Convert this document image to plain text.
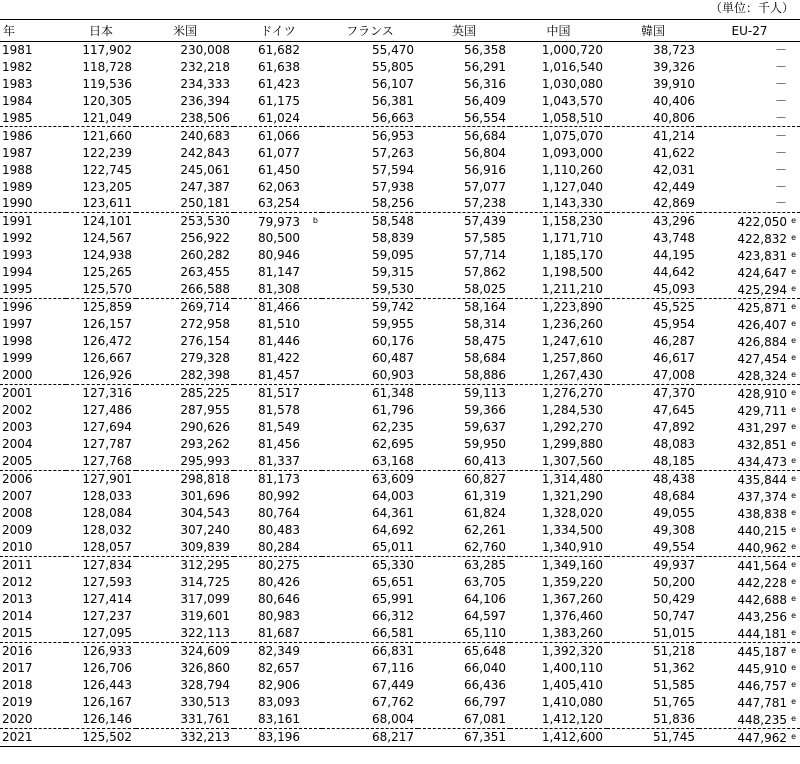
（単位：千人）
年	日本	米国	ドイツ	フランス	英国	中国	韓国	EU-27
1981	117,902	230,008	61,682	55,470	56,358	1,000,720	38,723	－
1982	118,728	232,218	61,638	55,805	56,291	1,016,540	39,326	－
1983	119,536	234,333	61,423	56,107	56,316	1,030,080	39,910	－
1984	120,305	236,394	61,175	56,381	56,409	1,043,570	40,406	－
1985	121,049	238,506	61,024	56,663	56,554	1,058,510	40,806	－
1986	121,660	240,683	61,066	56,953	56,684	1,075,070	41,214	－
1987	122,239	242,843	61,077	57,263	56,804	1,093,000	41,622	－
1988	122,745	245,061	61,450	57,594	56,916	1,110,260	42,031	－
1989	123,205	247,387	62,063	57,938	57,077	1,127,040	42,449	－
1990	123,611	250,181	63,254	58,256	57,238	1,143,330	42,869	－
1991	124,101	253,530	79,973 b	58,548	57,439	1,158,230	43,296	422,050 e
1992	124,567	256,922	80,500	58,839	57,585	1,171,710	43,748	422,832 e
1993	124,938	260,282	80,946	59,095	57,714	1,185,170	44,195	423,831 e
1994	125,265	263,455	81,147	59,315	57,862	1,198,500	44,642	424,647 e
1995	125,570	266,588	81,308	59,530	58,025	1,211,210	45,093	425,294 e
1996	125,859	269,714	81,466	59,742	58,164	1,223,890	45,525	425,871 e
1997	126,157	272,958	81,510	59,955	58,314	1,236,260	45,954	426,407 e
1998	126,472	276,154	81,446	60,176	58,475	1,247,610	46,287	426,884 e
1999	126,667	279,328	81,422	60,487	58,684	1,257,860	46,617	427,454 e
2000	126,926	282,398	81,457	60,903	58,886	1,267,430	47,008	428,324 e
2001	127,316	285,225	81,517	61,348	59,113	1,276,270	47,370	428,910 e
2002	127,486	287,955	81,578	61,796	59,366	1,284,530	47,645	429,711 e
2003	127,694	290,626	81,549	62,235	59,637	1,292,270	47,892	431,297 e
2004	127,787	293,262	81,456	62,695	59,950	1,299,880	48,083	432,851 e
2005	127,768	295,993	81,337	63,168	60,413	1,307,560	48,185	434,473 e
2006	127,901	298,818	81,173	63,609	60,827	1,314,480	48,438	435,844 e
2007	128,033	301,696	80,992	64,003	61,319	1,321,290	48,684	437,374 e
2008	128,084	304,543	80,764	64,361	61,824	1,328,020	49,055	438,838 e
2009	128,032	307,240	80,483	64,692	62,261	1,334,500	49,308	440,215 e
2010	128,057	309,839	80,284	65,011	62,760	1,340,910	49,554	440,962 e
2011	127,834	312,295	80,275	65,330	63,285	1,349,160	49,937	441,564 e
2012	127,593	314,725	80,426	65,651	63,705	1,359,220	50,200	442,228 e
2013	127,414	317,099	80,646	65,991	64,106	1,367,260	50,429	442,688 e
2014	127,237	319,601	80,983	66,312	64,597	1,376,460	50,747	443,256 e
2015	127,095	322,113	81,687	66,581	65,110	1,383,260	51,015	444,181 e
2016	126,933	324,609	82,349	66,831	65,648	1,392,320	51,218	445,187 e
2017	126,706	326,860	82,657	67,116	66,040	1,400,110	51,362	445,910 e
2018	126,443	328,794	82,906	67,449	66,436	1,405,410	51,585	446,757 e
2019	126,167	330,513	83,093	67,762	66,797	1,410,080	51,765	447,781 e
2020	126,146	331,761	83,161	68,004	67,081	1,412,120	51,836	448,235 e
2021	125,502	332,213	83,196	68,217	67,351	1,412,600	51,745	447,962 e
